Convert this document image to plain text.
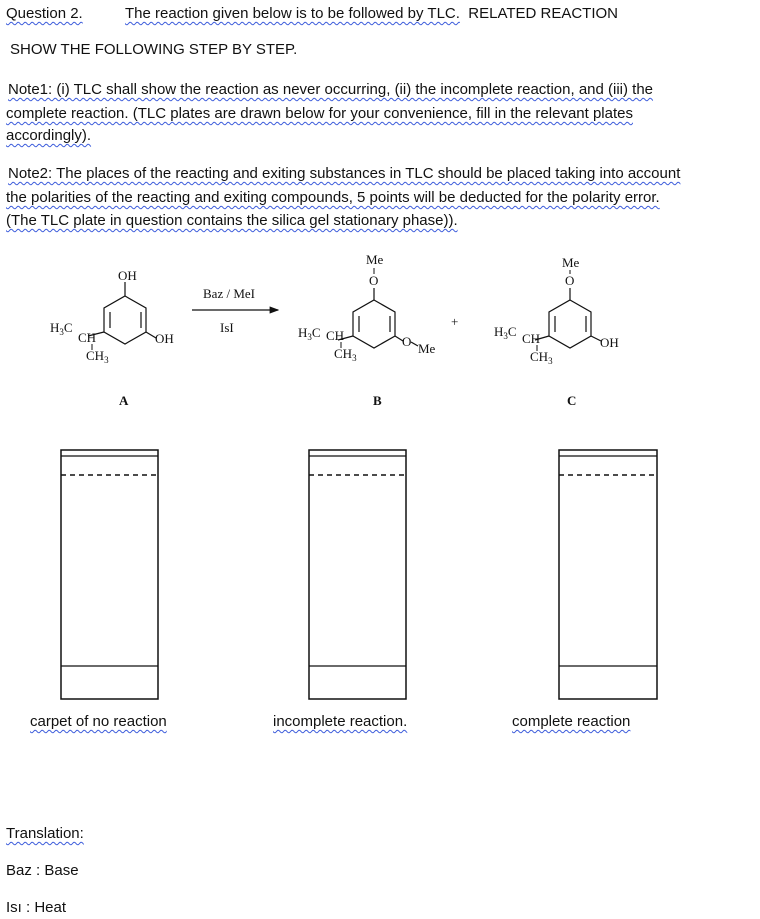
Question 2.	The reaction given below is to be followed by TLC. RELATED REACTION
SHOW THE FOLLOWING STEP BY STEP.
Note1: (i) TLC shall show the reaction as never occurring, (ii) the incomplete reaction, and (iii) the
complete reaction. (TLC plates are drawn below for your convenience, fill in the relevant plates
accordingly).
Note2: The places of the reacting and exiting substances in TLC should be placed taking into account
the polarities of the reacting and exiting compounds, 5 points will be deducted for the polarity error.
(The TLC plate in question contains the silica gel stationary phase)).
OH
OH
$H_3C$
CH
$CH_3$
A
Baz / MeI
IsI
Me
O
O Me
$H_3C$ CH
$CH_3$
B
+
Me
O
OH
$H_3C$ CH
$CH_3$
C
carpet of no reaction	incomplete reaction.	complete reaction
Translation:
Baz : Base
Isı : Heat
